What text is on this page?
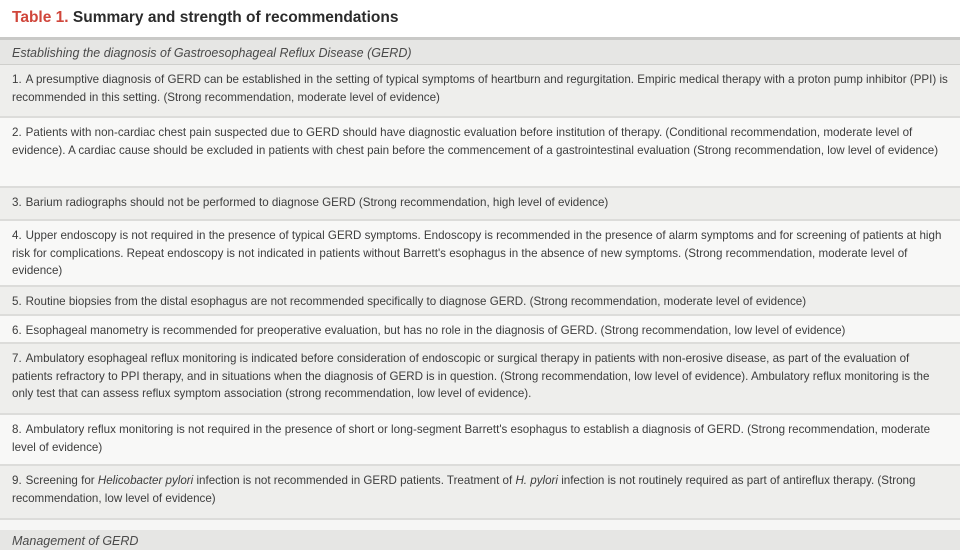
Table 1. Summary and strength of recommendations
Establishing the diagnosis of Gastroesophageal Reflux Disease (GERD)
1. A presumptive diagnosis of GERD can be established in the setting of typical symptoms of heartburn and regurgitation. Empiric medical therapy with a proton pump inhibitor (PPI) is recommended in this setting. (Strong recommendation, moderate level of evidence)
2. Patients with non-cardiac chest pain suspected due to GERD should have diagnostic evaluation before institution of therapy. (Conditional recommendation, moderate level of evidence). A cardiac cause should be excluded in patients with chest pain before the commencement of a gastrointestinal evaluation (Strong recommendation, low level of evidence)
3. Barium radiographs should not be performed to diagnose GERD (Strong recommendation, high level of evidence)
4. Upper endoscopy is not required in the presence of typical GERD symptoms. Endoscopy is recommended in the presence of alarm symptoms and for screening of patients at high risk for complications. Repeat endoscopy is not indicated in patients without Barrett's esophagus in the absence of new symptoms. (Strong recommendation, moderate level of evidence)
5. Routine biopsies from the distal esophagus are not recommended specifically to diagnose GERD. (Strong recommendation, moderate level of evidence)
6. Esophageal manometry is recommended for preoperative evaluation, but has no role in the diagnosis of GERD. (Strong recommendation, low level of evidence)
7. Ambulatory esophageal reflux monitoring is indicated before consideration of endoscopic or surgical therapy in patients with non-erosive disease, as part of the evaluation of patients refractory to PPI therapy, and in situations when the diagnosis of GERD is in question. (Strong recommendation, low level of evidence). Ambulatory reflux monitoring is the only test that can assess reflux symptom association (strong recommendation, low level of evidence).
8. Ambulatory reflux monitoring is not required in the presence of short or long-segment Barrett's esophagus to establish a diagnosis of GERD. (Strong recommendation, moderate level of evidence)
9. Screening for Helicobacter pylori infection is not recommended in GERD patients. Treatment of H. pylori infection is not routinely required as part of antireflux therapy. (Strong recommendation, low level of evidence)
Management of GERD
